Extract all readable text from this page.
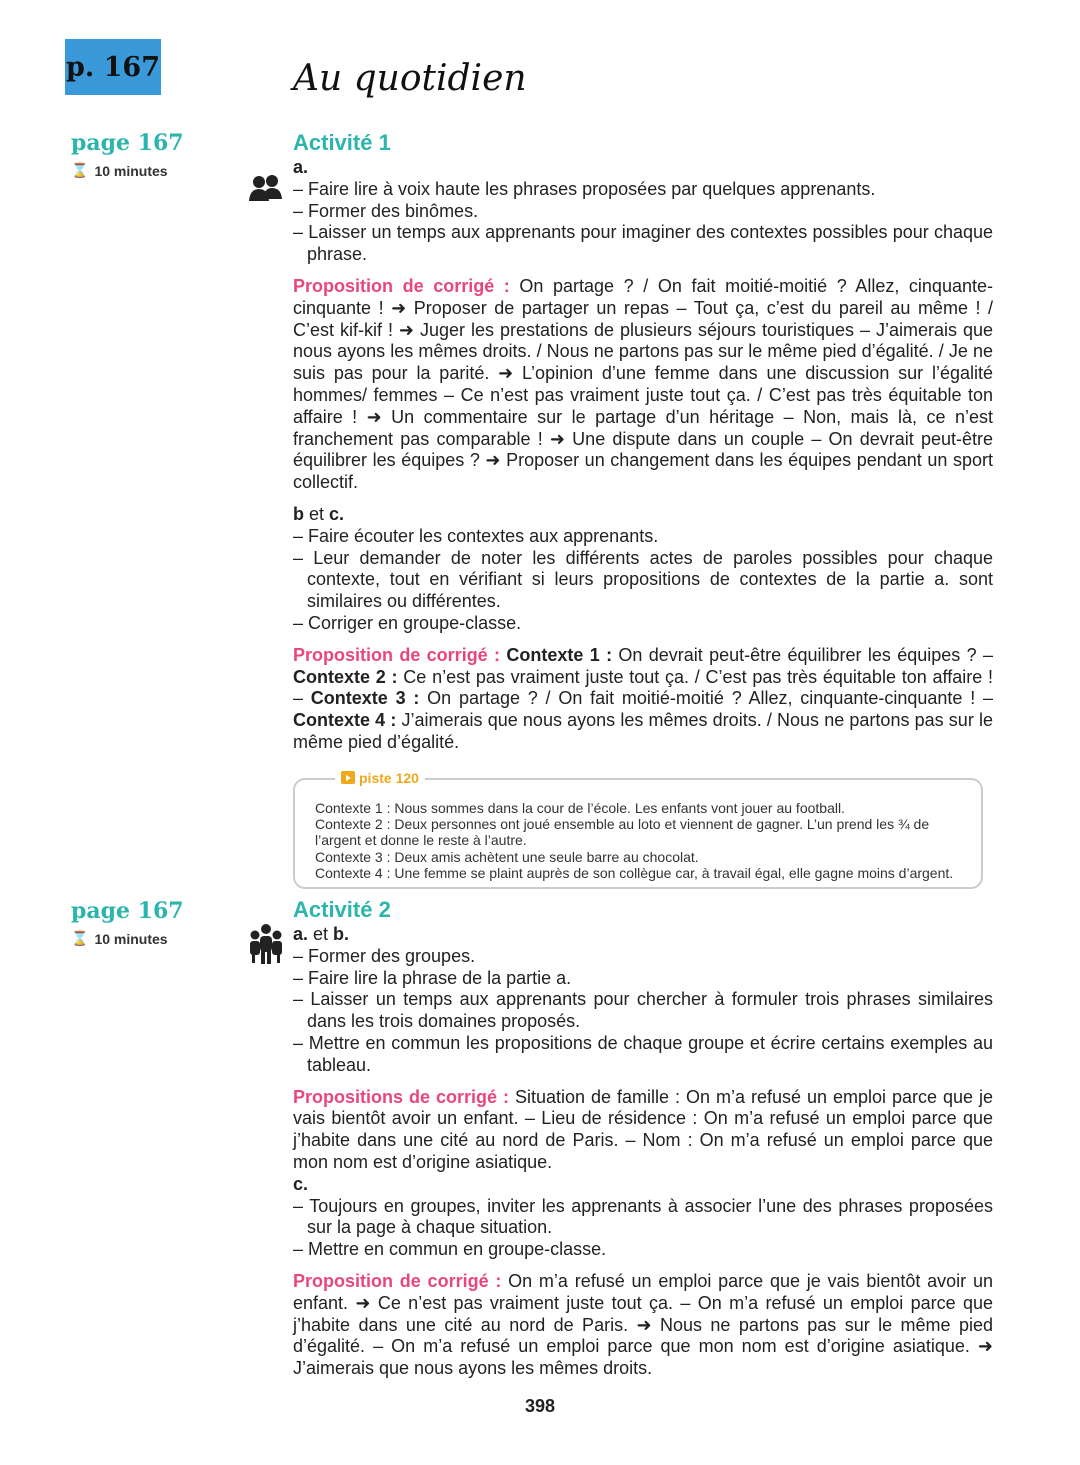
p. 167	Au quotidien
page 167
⌛ 10 minutes
page 167
⌛ 10 minutes
Activité 1
a.
– Faire lire à voix haute les phrases proposées par quelques apprenants.
– Former des binômes.
– Laisser un temps aux apprenants pour imaginer des contextes possibles pour chaque phrase.

Proposition de corrigé : On partage ? / On fait moitié-moitié ? Allez, cinquante-cinquante ! ➜ Proposer de partager un repas – Tout ça, c’est du pareil au même ! / C’est kif-kif ! ➜ Juger les prestations de plusieurs séjours touristiques – J’aimerais que nous ayons les mêmes droits. / Nous ne partons pas sur le même pied d’égalité. / Je ne suis pas pour la parité. ➜ L’opinion d’une femme dans une discussion sur l’égalité hommes/ femmes – Ce n’est pas vraiment juste tout ça. / C’est pas très équitable ton affaire ! ➜ Un commentaire sur le partage d’un héritage – Non, mais là, ce n’est franchement pas comparable ! ➜ Une dispute dans un couple – On devrait peut-être équilibrer les équipes ? ➜ Proposer un changement dans les équipes pendant un sport collectif.

b et c.
– Faire écouter les contextes aux apprenants.
– Leur demander de noter les différents actes de paroles possibles pour chaque contexte, tout en vérifiant si leurs propositions de contextes de la partie a. sont similaires ou différentes.
– Corriger en groupe-classe.

Proposition de corrigé : Contexte 1 : On devrait peut-être équilibrer les équipes ? – Contexte 2 : Ce n’est pas vraiment juste tout ça. / C’est pas très équitable ton affaire ! – Contexte 3 : On partage ? / On fait moitié-moitié ? Allez, cinquante-cinquante ! – Contexte 4 : J’aimerais que nous ayons les mêmes droits. / Nous ne partons pas sur le même pied d’égalité.

piste 120
Contexte 1 : Nous sommes dans la cour de l’école. Les enfants vont jouer au football.
Contexte 2 : Deux personnes ont joué ensemble au loto et viennent de gagner. L’un prend les ¾ de l’argent et donne le reste à l’autre.
Contexte 3 : Deux amis achètent une seule barre au chocolat.
Contexte 4 : Une femme se plaint auprès de son collègue car, à travail égal, elle gagne moins d’argent.
Activité 2
a. et b.
– Former des groupes.
– Faire lire la phrase de la partie a.
– Laisser un temps aux apprenants pour chercher à formuler trois phrases similaires dans les trois domaines proposés.
– Mettre en commun les propositions de chaque groupe et écrire certains exemples au tableau.

Propositions de corrigé : Situation de famille : On m’a refusé un emploi parce que je vais bientôt avoir un enfant. – Lieu de résidence : On m’a refusé un emploi parce que j’habite dans une cité au nord de Paris. – Nom : On m’a refusé un emploi parce que mon nom est d’origine asiatique.

c.
– Toujours en groupes, inviter les apprenants à associer l’une des phrases proposées sur la page à chaque situation.
– Mettre en commun en groupe-classe.

Proposition de corrigé : On m’a refusé un emploi parce que je vais bientôt avoir un enfant. ➜ Ce n’est pas vraiment juste tout ça. – On m’a refusé un emploi parce que j’habite dans une cité au nord de Paris. ➜ Nous ne partons pas sur le même pied d’égalité. – On m’a refusé un emploi parce que mon nom est d’origine asiatique. ➜ J’aimerais que nous ayons les mêmes droits.

398
